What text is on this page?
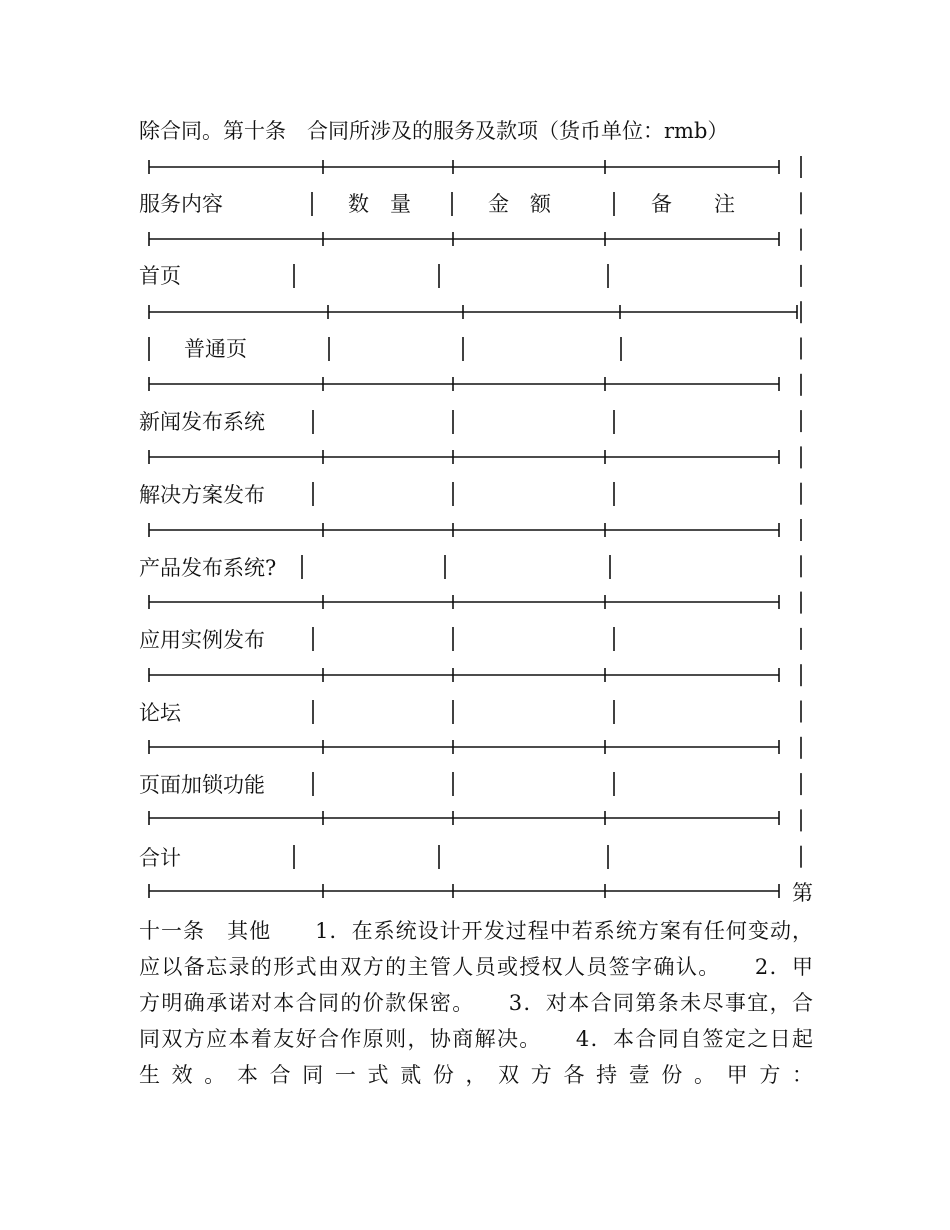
除合同。第十条　合同所涉及的服务及款项（货币单位：rmb）
服务内容	数　量	金　额	备　　注
首页
普通页
新闻发布系统
解决方案发布
产品发布系统?
应用实例发布
论坛
页面加锁功能
合计
第
十一条　其他　　1．在系统设计开发过程中若系统方案有任何变动，
应以备忘录的形式由双方的主管人员或授权人员签字确认。　　2．甲
方明确承诺对本合同的价款保密。　　3．对本合同第条未尽事宜，合
同双方应本着友好合作原则，协商解决。　　4．本合同自签定之日起
生效。本合同一式贰份，双方各持壹份。甲方：
